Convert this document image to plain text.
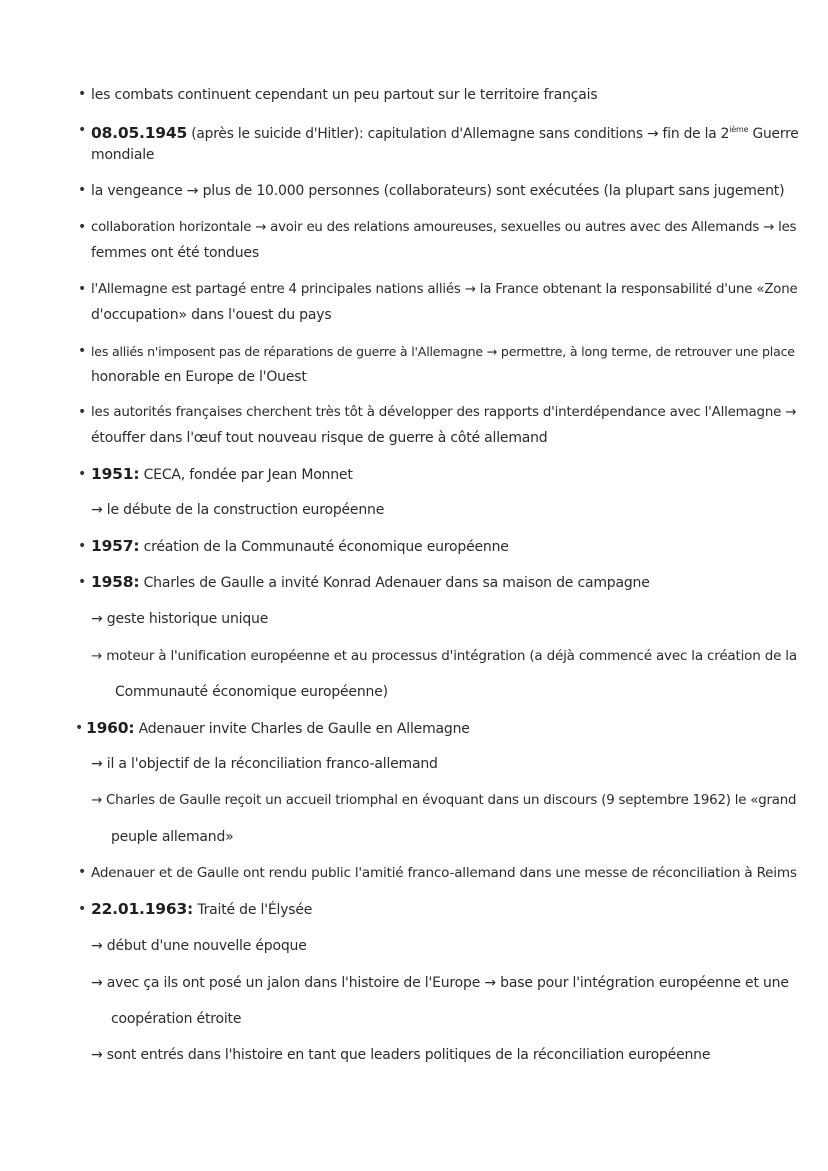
• les combats continuent cependant un peu partout sur le territoire français
• 08.05.1945 (après le suicide d'Hitler): capitulation d'Allemagne sans conditions → fin de la 2ième Guerre
mondiale
• la vengeance → plus de 10.000 personnes (collaborateurs) sont exécutées (la plupart sans jugement)
• collaboration horizontale → avoir eu des relations amoureuses, sexuelles ou autres avec des Allemands → les
femmes ont été tondues
• l'Allemagne est partagé entre 4 principales nations alliés → la France obtenant la responsabilité d'une «Zone
d'occupation» dans l'ouest du pays
• les alliés n'imposent pas de réparations de guerre à l'Allemagne → permettre, à long terme, de retrouver une place
honorable en Europe de l'Ouest
• les autorités françaises cherchent très tôt à développer des rapports d'interdépendance avec l'Allemagne →
étouffer dans l'œuf tout nouveau risque de guerre à côté allemand
• 1951: CECA, fondée par Jean Monnet
→ le débute de la construction européenne
• 1957: création de la Communauté économique européenne
• 1958: Charles de Gaulle a invité Konrad Adenauer dans sa maison de campagne
→ geste historique unique
→ moteur à l'unification européenne et au processus d'intégration (a déjà commencé avec la création de la
Communauté économique européenne)
• 1960: Adenauer invite Charles de Gaulle en Allemagne
→ il a l'objectif de la réconciliation franco-allemand
→ Charles de Gaulle reçoit un accueil triomphal en évoquant dans un discours (9 septembre 1962) le «grand
peuple allemand»
• Adenauer et de Gaulle ont rendu public l'amitié franco-allemand dans une messe de réconciliation à Reims
• 22.01.1963: Traité de l'Élysée
→ début d'une nouvelle époque
→ avec ça ils ont posé un jalon dans l'histoire de l'Europe → base pour l'intégration européenne et une
coopération étroite
→ sont entrés dans l'histoire en tant que leaders politiques de la réconciliation européenne
